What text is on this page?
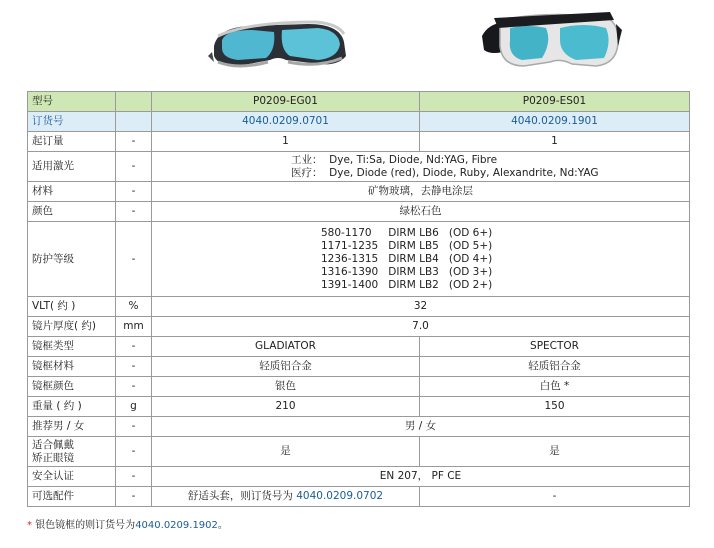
型号		P0209-EG01	P0209-ES01
订货号		4040.0209.0701	4040.0209.1901
起订量	-	1	1
适用激光	-	工业：  Dye, Ti:Sa, Diode, Nd:YAG, Fibre
医疗：  Dye, Diode (red), Diode, Ruby, Alexandrite, Nd:YAG	

材料	-	矿物玻璃，去静电涂层	
颜色	-	绿松石色	
防护等级	-	580-1170     DIRM LB6   (OD 6+)
1171-1235   DIRM LB5   (OD 5+)
1236-1315   DIRM LB4   (OD 4+)
1316-1390   DIRM LB3   (OD 3+)
1391-1400   DIRM LB2   (OD 2+)	

VLT( 约 )	%	32	
镜片厚度( 约)	mm	7.0	
镜框类型	-	GLADIATOR	SPECTOR
镜框材料	-	轻质铝合金	轻质铝合金
镜框颜色	-	银色	白色 *
重量 ( 约 )	g	210	150
推荐男 / 女	-	男 / 女	
适合佩戴
矫正眼镜	-	是	是
安全认证	-	EN 207， PF CE	
可选配件	-	舒适头套，则订货号为 4040.0209.0702	-
* 银色镜框的则订货号为4040.0209.1902。
